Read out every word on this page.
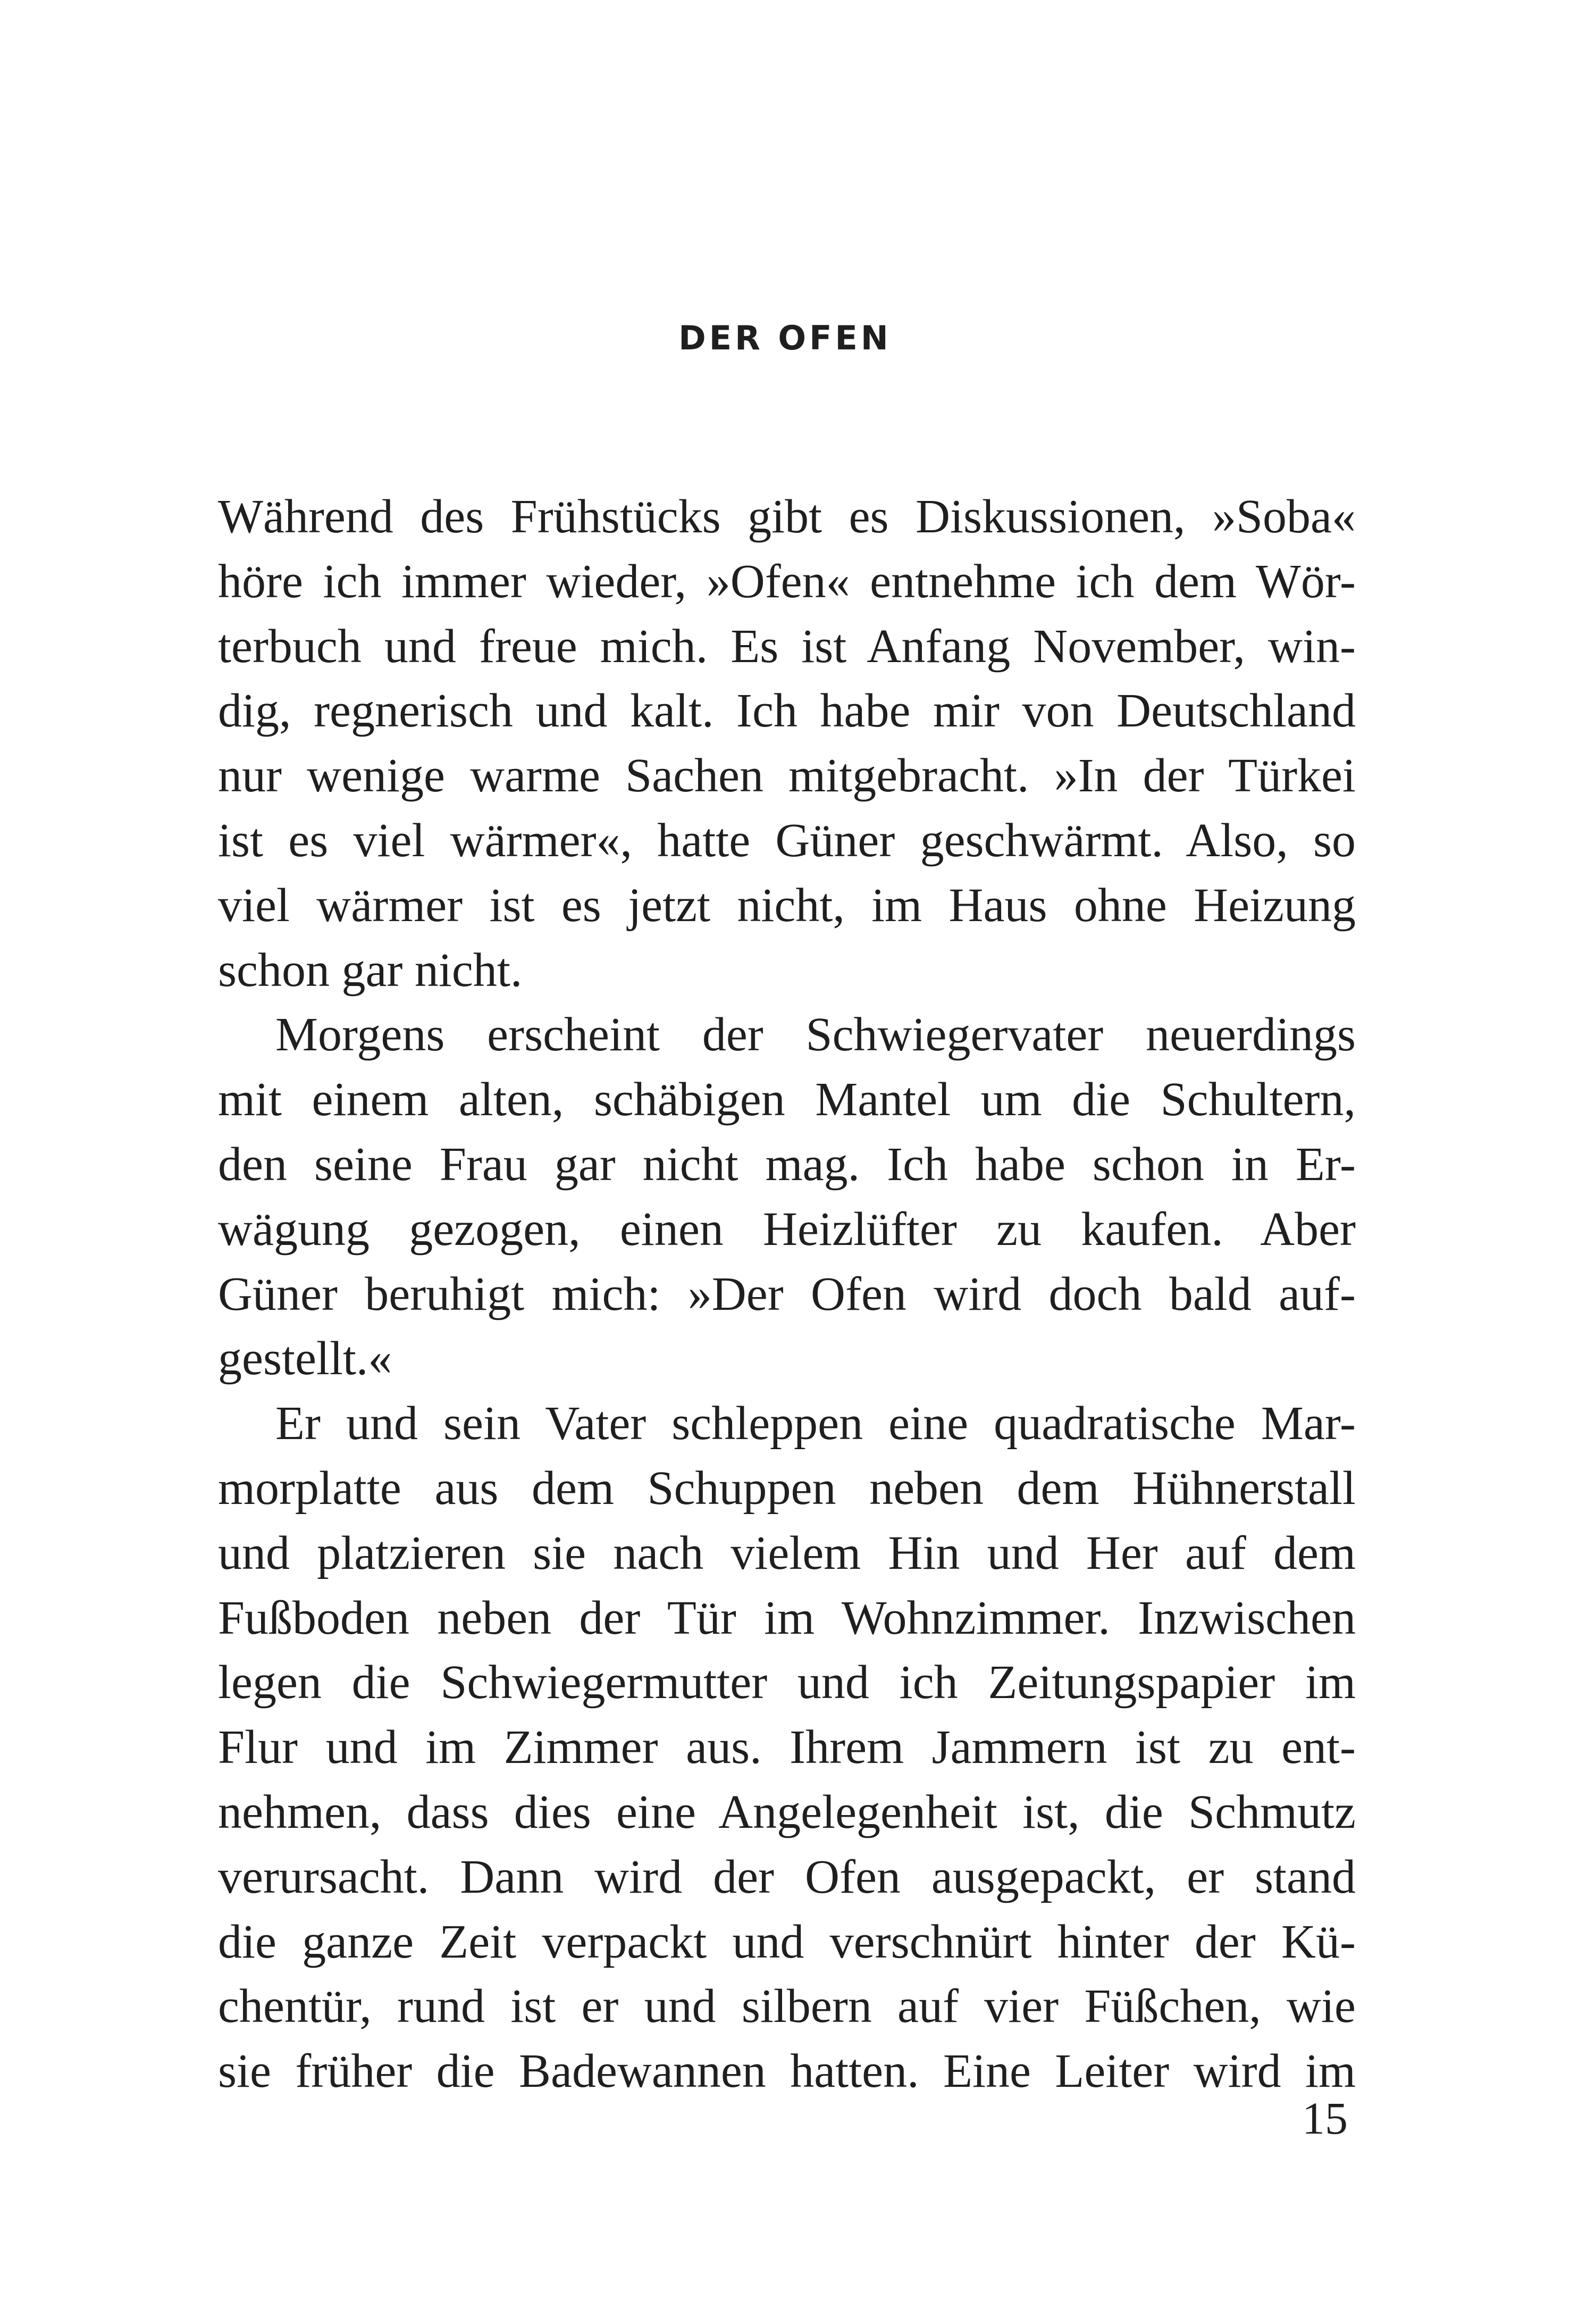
DER OFEN
Während des Frühstücks gibt es Diskussionen, »Soba«
höre ich immer wieder, »Ofen« entnehme ich dem Wör-
terbuch und freue mich. Es ist Anfang November, win-
dig, regnerisch und kalt. Ich habe mir von Deutschland
nur wenige warme Sachen mitgebracht. »In der Türkei
ist es viel wärmer«, hatte Güner geschwärmt. Also, so
viel wärmer ist es jetzt nicht, im Haus ohne Heizung
schon gar nicht.
Morgens erscheint der Schwiegervater neuerdings
mit einem alten, schäbigen Mantel um die Schultern,
den seine Frau gar nicht mag. Ich habe schon in Er-
wägung gezogen, einen Heizlüfter zu kaufen. Aber
Güner beruhigt mich: »Der Ofen wird doch bald auf-
gestellt.«
Er und sein Vater schleppen eine quadratische Mar-
morplatte aus dem Schuppen neben dem Hühnerstall
und platzieren sie nach vielem Hin und Her auf dem
Fußboden neben der Tür im Wohnzimmer. Inzwischen
legen die Schwiegermutter und ich Zeitungspapier im
Flur und im Zimmer aus. Ihrem Jammern ist zu ent-
nehmen, dass dies eine Angelegenheit ist, die Schmutz
verursacht. Dann wird der Ofen ausgepackt, er stand
die ganze Zeit verpackt und verschnürt hinter der Kü-
chentür, rund ist er und silbern auf vier Füßchen, wie
sie früher die Badewannen hatten. Eine Leiter wird im
15
